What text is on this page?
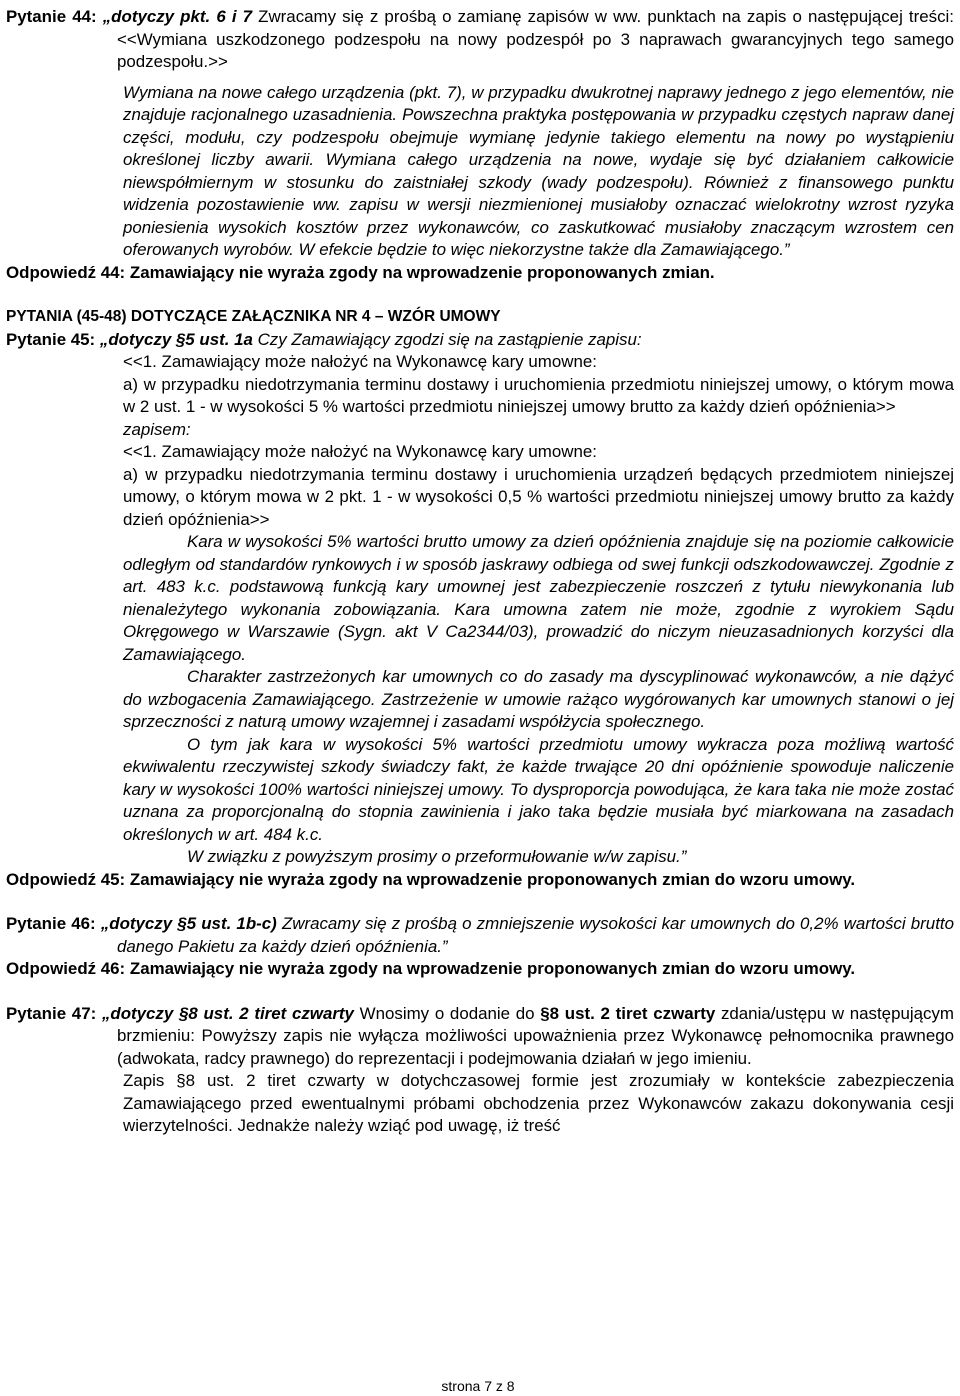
Pytanie 44: „dotyczy pkt. 6 i 7 Zwracamy się z prośbą o zamianę zapisów w ww. punktach na zapis o następującej treści: <<Wymiana uszkodzonego podzespołu na nowy podzespół po 3 naprawach gwarancyjnych tego samego podzespołu.>>
Wymiana na nowe całego urządzenia (pkt. 7), w przypadku dwukrotnej naprawy jednego z jego elementów, nie znajduje racjonalnego uzasadnienia. Powszechna praktyka postępowania w przypadku częstych napraw danej części, modułu, czy podzespołu obejmuje wymianę jedynie takiego elementu na nowy po wystąpieniu określonej liczby awarii. Wymiana całego urządzenia na nowe, wydaje się być działaniem całkowicie niewspółmiernym w stosunku do zaistniałej szkody (wady podzespołu). Również z finansowego punktu widzenia pozostawienie ww. zapisu w wersji niezmienionej musiałoby oznaczać wielokrotny wzrost ryzyka poniesienia wysokich kosztów przez wykonawców, co zaskutkować musiałoby znaczącym wzrostem cen oferowanych wyrobów. W efekcie będzie to więc niekorzystne także dla Zamawiającego.”
Odpowiedź 44: Zamawiający nie wyraża zgody na wprowadzenie proponowanych zmian.
PYTANIA (45-48) DOTYCZĄCE ZAŁĄCZNIKA NR 4 – WZÓR UMOWY
Pytanie 45: „dotyczy §5 ust. 1a Czy Zamawiający zgodzi się na zastąpienie zapisu:
<<1. Zamawiający może nałożyć na Wykonawcę kary umowne:
a) w przypadku niedotrzymania terminu dostawy i uruchomienia przedmiotu niniejszej umowy, o którym mowa w 2 ust. 1 - w wysokości 5 % wartości przedmiotu niniejszej umowy brutto za każdy dzień opóźnienia>>
zapisem:
<<1. Zamawiający może nałożyć na Wykonawcę kary umowne:
a) w przypadku niedotrzymania terminu dostawy i uruchomienia urządzeń będących przedmiotem niniejszej umowy, o którym mowa w 2 pkt. 1 - w wysokości 0,5 % wartości przedmiotu niniejszej umowy brutto za każdy dzień opóźnienia>>
Kara w wysokości 5% wartości brutto umowy za dzień opóźnienia znajduje się na poziomie całkowicie odległym od standardów rynkowych i w sposób jaskrawy odbiega od swej funkcji odszkodowawczej. Zgodnie z art. 483 k.c. podstawową funkcją kary umownej jest zabezpieczenie roszczeń z tytułu niewykonania lub nienależytego wykonania zobowiązania. Kara umowna zatem nie może, zgodnie z wyrokiem Sądu Okręgowego w Warszawie (Sygn. akt V Ca2344/03), prowadzić do niczym nieuzasadnionych korzyści dla Zamawiającego.
Charakter zastrzeżonych kar umownych co do zasady ma dyscyplinować wykonawców, a nie dążyć do wzbogacenia Zamawiającego. Zastrzeżenie w umowie rażąco wygórowanych kar umownych stanowi o jej sprzeczności z naturą umowy wzajemnej i zasadami współżycia społecznego.
O tym jak kara w wysokości 5% wartości przedmiotu umowy wykracza poza możliwą wartość ekwiwalentu rzeczywistej szkody świadczy fakt, że każde trwające 20 dni opóźnienie spowoduje naliczenie kary w wysokości 100% wartości niniejszej umowy. To dysproporcja powodująca, że kara taka nie może zostać uznana za proporcjonalną do stopnia zawinienia i jako taka będzie musiała być miarkowana na zasadach określonych w art. 484 k.c.
W związku z powyższym prosimy o przeformułowanie w/w zapisu.”
Odpowiedź 45: Zamawiający nie wyraża zgody na wprowadzenie proponowanych zmian do wzoru umowy.
Pytanie 46: „dotyczy §5 ust. 1b-c) Zwracamy się z prośbą o zmniejszenie wysokości kar umownych do 0,2% wartości brutto danego Pakietu za każdy dzień opóźnienia.”
Odpowiedź 46: Zamawiający nie wyraża zgody na wprowadzenie proponowanych zmian do wzoru umowy.
Pytanie 47: „dotyczy §8 ust. 2 tiret czwarty Wnosimy o dodanie do §8 ust. 2 tiret czwarty zdania/ustępu w następującym brzmieniu: Powyższy zapis nie wyłącza możliwości upoważnienia przez Wykonawcę pełnomocnika prawnego (adwokata, radcy prawnego) do reprezentacji i podejmowania działań w jego imieniu.
Zapis §8 ust. 2 tiret czwarty w dotychczasowej formie jest zrozumiały w kontekście zabezpieczenia Zamawiającego przed ewentualnymi próbami obchodzenia przez Wykonawców zakazu dokonywania cesji wierzytelności. Jednakże należy wziąć pod uwagę, iż treść
strona 7 z 8
